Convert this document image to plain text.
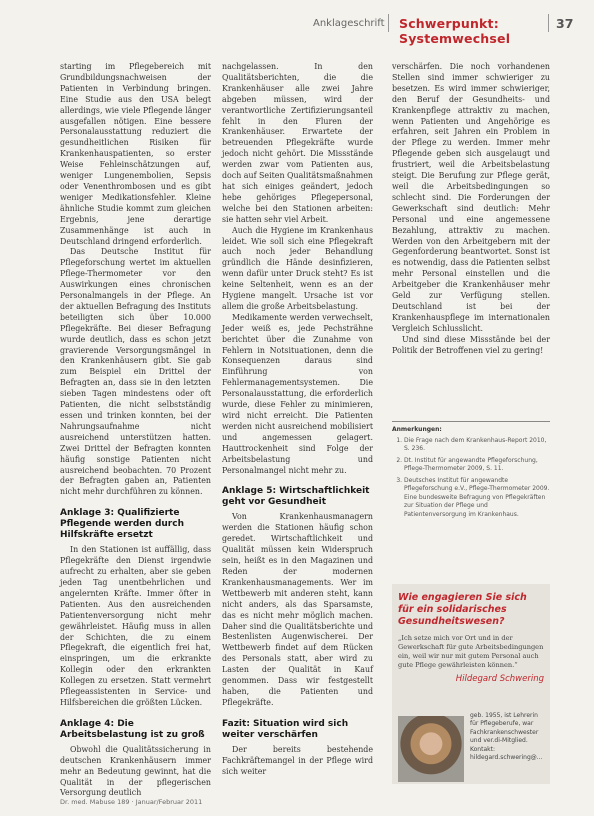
Anklageschrift Schwerpunkt: Systemwechsel
37

starting im Pflegebereich mit Grundbildungsnachweisen der Patienten in Verbindung bringen. Eine Studie aus den USA belegt allerdings, wie viele Pflegende länger ausgefallen nötigen. Eine bessere Personalausstattung reduziert die gesundheitlichen Risiken für Krankenhauspatienten, so erster Weise Fehleinschätzungen auf, weniger Lungenembolien, Sepsis oder Venenthrombosen und es gibt weniger Medikationsfehler. Kleine ähnliche Studie kommt zum gleichen Ergebnis, jene derartige Zusammenhänge ist auch in Deutschland dringend erforderlich.

Das Deutsche Institut für Pflegeforschung wertet im aktuellen Pflege-Thermometer vor den Auswirkungen eines chronischen Personalmangels in der Pflege. An der aktuellen Befragung des Instituts beteiligten sich über 10.000 Pflegekräfte. Bei dieser Befragung wurde deutlich, dass es schon jetzt gravierende Versorgungsmängel in den Krankenhäusern gibt. Sie gab zum Beispiel ein Drittel der Befragten an, dass sie in den letzten sieben Tagen mindestens oder oft Patienten, die nicht selbstständig essen und trinken konnten, bei der Nahrungsaufnahme nicht ausreichend unterstützen hatten. Zwei Drittel der Befragten konnten häufig sonstige Patienten nicht ausreichend beobachten. 70 Prozent der Befragten gaben an, Patienten nicht mehr durchführen zu können.

Anklage 3: Qualifizierte Pflegende werden durch Hilfskräfte ersetzt

In den Stationen ist auffällig, dass Pflegekräfte den Dienst irgendwie aufrecht zu erhalten, aber sie geben jeden Tag unentbehrlichen und angelernten Kräfte. Immer öfter in Patienten. Aus den ausreichenden Patientenversorgung nicht mehr gewährleistet. Häufig muss in allen der Schichten, die zu einem Pflegekraft, die eigentlich frei hat, einspringen, um die erkrankte Kollegin oder den erkrankten Kollegen zu ersetzen. Statt vermehrt Pflegeassistenten in Service- und Hilfsbereichen die größten Lücken.

Anklage 4: Die Arbeitsbelastung ist zu groß

Obwohl die Qualitätssicherung in deutschen Krankenhäusern immer mehr an Bedeutung gewinnt, hat die Qualität in der pflegerischen Versorgung deutlich

nachgelassen. In den Qualitätsberichten, die die Krankenhäuser alle zwei Jahre abgeben müssen, wird der verantwortliche Zertifizierungsanteil fehlt in den Fluren der Krankenhäuser. Erwartete der betreuenden Pflegekräfte wurde jedoch nicht gehört. Die Missstände werden zwar vom Patienten aus, doch auf Seiten Qualitätsmaßnahmen hat sich einiges geändert, jedoch hebe gehöriges Pflegepersonal, welche bei den Stationen arbeiten: sie hatten sehr viel Arbeit.

Auch die Hygiene im Krankenhaus leidet. Wie soll sich eine Pflegekraft auch noch jeder Behandlung gründlich die Hände desinfizieren, wenn dafür unter Druck steht? Es ist keine Seltenheit, wenn es an der Hygiene mangelt. Ursache ist vor allem die große Arbeitsbelastung.

Medikamente werden verwechselt, Jeder weiß es, jede Pechsträhne berichtet über die Zunahme von Fehlern in Notsituationen, denn die Konsequenzen daraus sind Einführung von Fehlermanagementsystemen. Die Personalausstattung, die erforderlich wurde, diese Fehler zu minimieren, wird nicht erreicht. Die Patienten werden nicht ausreichend mobilisiert und angemessen gelagert. Hauttrockenheit sind Folge der Arbeitsbelastung und Personalmangel nicht mehr zu.

Anklage 5: Wirtschaftlichkeit geht vor Gesundheit

Von Krankenhausmanagern werden die Stationen häufig schon geredet. Wirtschaftlichkeit und Qualität müssen kein Widerspruch sein, heißt es in den Magazinen und Reden der modernen Krankenhausmanagements. Wer im Wettbewerb mit anderen steht, kann nicht anders, als das Sparsamste, das es nicht mehr möglich machen. Daher sind die Qualitätsberichte und Bestenlisten Augenwischerei. Der Wettbewerb findet auf dem Rücken des Personals statt, aber wird zu Lasten der Qualität in Kauf genommen. Dass wir festgestellt haben, die Patienten und Pflegekräfte.

Fazit: Situation wird sich weiter verschärfen

Der bereits bestehende Fachkräftemangel in der Pflege wird sich weiter

verschärfen. Die noch vorhandenen Stellen sind immer schwieriger zu besetzen. Es wird immer schwieriger, den Beruf der Gesundheits- und Krankenpflege attraktiv zu machen, wenn Patienten und Angehörige es erfahren, seit Jahren ein Problem in der Pflege zu werden. Immer mehr Pflegende geben sich ausgelaugt und frustriert, weil die Arbeitsbelastung steigt. Die Berufung zur Pflege gerät, weil die Arbeitsbedingungen so schlecht sind. Die Forderungen der Gewerkschaft sind deutlich: Mehr Personal und eine angemessene Bezahlung, attraktiv zu machen. Werden von den Arbeitgebern mit der Gegenforderung beantwortet. Sonst ist es notwendig, dass die Patienten selbst mehr Personal einstellen und die Arbeitgeber die Krankenhäuser mehr Geld zur Verfügung stellen. Deutschland ist bei der Krankenhauspflege im internationalen Vergleich Schlusslicht.

Und sind diese Missstände bei der Politik der Betroffenen viel zu gering!

Anmerkungen:
1. Die Frage nach dem Krankenhaus-Report 2010, S. 236.
2. Dt. Institut für angewandte Pflegeforschung, Pflege-Thermometer 2009, S. 11.
3. Deutsches Institut für angewandte Pflegeforschung e.V., Pflege-Thermometer 2009. Eine bundesweite Befragung von Pflegekräften zur Situation der Pflege und Patientenversorgung im Krankenhaus.
Wie engagieren Sie sich für ein solidarisches Gesundheitswesen?
„Ich setze mich vor Ort und in der Gewerkschaft für gute Arbeitsbedingungen ein, weil wir nur mit gutem Personal auch gute Pflege gewährleisten können.“
Hildegard Schwering
geb. 1955, ist Lehrerin für Pflegeberufe, war Fachkrankenschwester und ver.di-Mitglied. Kontakt: hildegard.schwering@...
Dr. med. Mabuse 189 · Januar/Februar 2011
